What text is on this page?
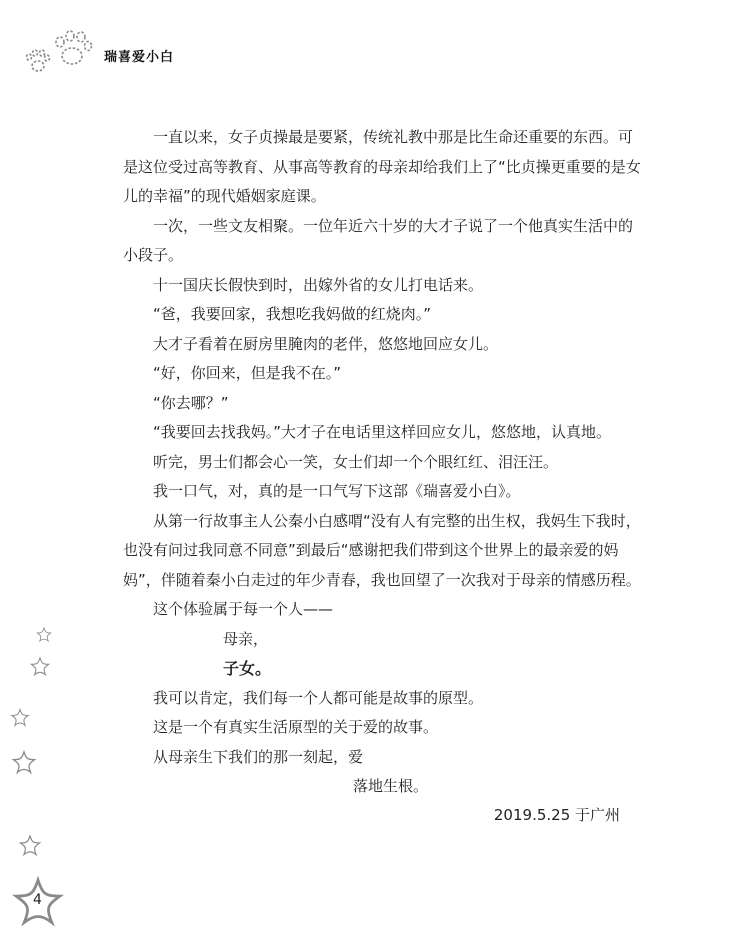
瑞喜爱小白

一直以来，女子贞操最是要紧，传统礼教中那是比生命还重要的东西。可是这位受过高等教育、从事高等教育的母亲却给我们上了“比贞操更重要的是女儿的幸福”的现代婚姻家庭课。

一次，一些文友相聚。一位年近六十岁的大才子说了一个他真实生活中的小段子。

十一国庆长假快到时，出嫁外省的女儿打电话来。

“爸，我要回家，我想吃我妈做的红烧肉。”

大才子看着在厨房里腌肉的老伴，悠悠地回应女儿。

“好，你回来，但是我不在。”

“你去哪？”

“我要回去找我妈。”大才子在电话里这样回应女儿，悠悠地，认真地。

听完，男士们都会心一笑，女士们却一个个眼红红、泪汪汪。

我一口气，对，真的是一口气写下这部《瑞喜爱小白》。

从第一行故事主人公秦小白感喟“没有人有完整的出生权，我妈生下我时，也没有问过我同意不同意”到最后“感谢把我们带到这个世界上的最亲爱的妈妈”，伴随着秦小白走过的年少青春，我也回望了一次我对于母亲的情感历程。

这个体验属于每一个人——

母亲，

子女。

我可以肯定，我们每一个人都可能是故事的原型。

这是一个有真实生活原型的关于爱的故事。

从母亲生下我们的那一刻起，爱

落地生根。

2019.5.25 于广州
4
